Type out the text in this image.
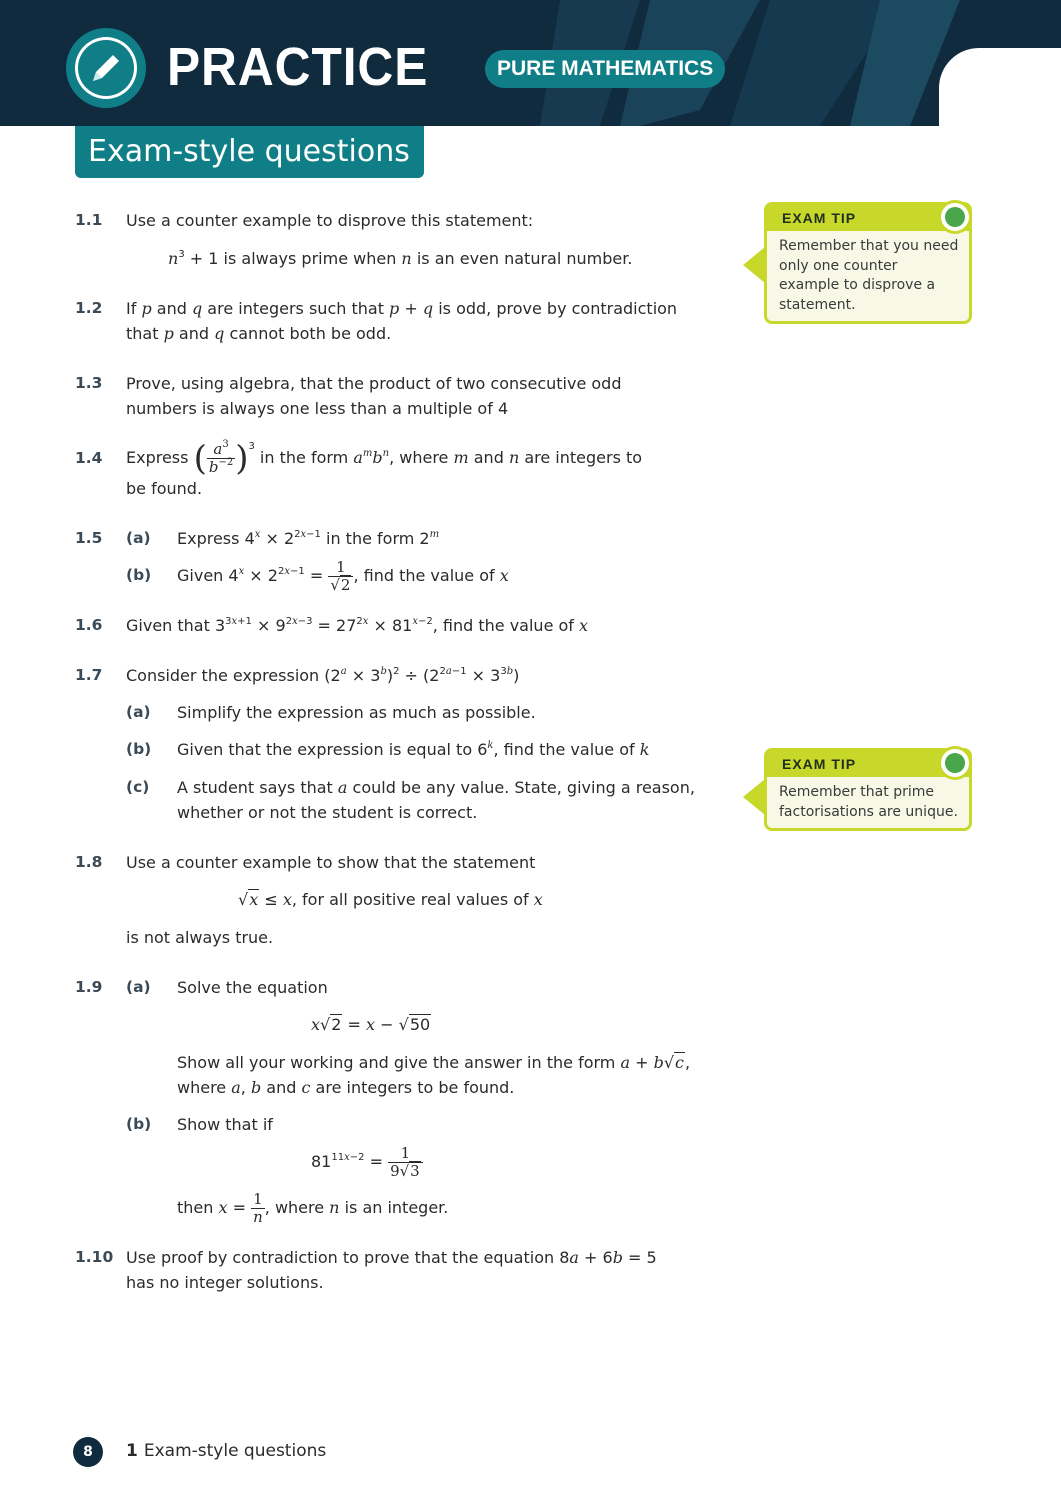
PRACTICE	PURE MATHEMATICS
Exam-style questions
1.1 Use a counter example to disprove this statement:
$n^3 + 1$ is always prime when n is an even natural number.
1.2 If p and q are integers such that p + q is odd, prove by contradiction
that p and q cannot both be odd.
1.3 Prove, using algebra, that the product of two consecutive odd
numbers is always one less than a multiple of 4
1.4 Express ( $\frac{a^3}{b^{-2}} )^3$ in the form $a^mb^n$, where m and n are integers to
be found.
1.5 (a) Express $4^x \times 2^{2x-1}$ in the form 2$^m$
(b) Given $4^x \times 2^{2x-1} = \frac{1}{√2}$ , find the value of x
1.6 Given that $3^{3x+1} \times 9^{2x-3} = 27^{2x} \times 81^{x-2}$, find the value of x
1.7 Consider the expression $(2^a \times 3^b)^2 \div (2^{2a-1} \times 3^{3b})$
(a) Simplify the expression as much as possible.
(b) Given that the expression is equal to 6$^k$, find the value of k
(c) A student says that a could be any value. State, giving a reason,
whether or not the student is correct.
1.8 Use a counter example to show that the statement
√x ≤ x, for all positive real values of x
is not always true.
1.9 (a) Solve the equation
x√2 = x − √50
Show all your working and give the answer in the form a + b√c,
where a, b and c are integers to be found.
(b) Show that if
$81^{11x-2} = \frac{1}{9√3}$
then $x = \frac{1}{n}$ , where n is an integer.
1.10 Use proof by contradiction to prove that the equation 8a + 6b = 5
has no integer solutions.
EXAM TIP
Remember that you need only one counter example to disprove a statement.
EXAM TIP
Remember that prime factorisations are unique.
8	1 Exam-style questions
